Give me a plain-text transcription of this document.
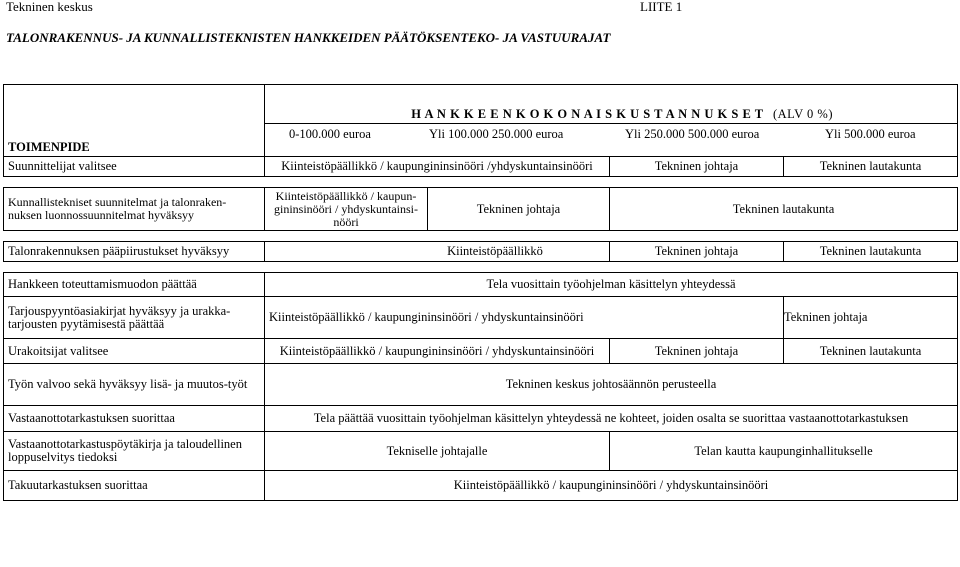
Tekninen keskus	LIITE 1
TALONRAKENNUS- JA KUNNALLISTEKNISTEN HANKKEIDEN PÄÄTÖKSENTEKO- JA VASTUURAJAT
TOIMENPIDE	H A N K K E E N K O K O N A I S K U S T A N N U K S E T (ALV 0 %)			

	0-100.000 euroa Yli 100.000 250.000 euroa Yli 250.000 500.000 euroa Yli 500.000 euroa			

Suunnittelijat valitsee	Kiinteistöpäällikkö / kaupungininsinööri /yhdyskuntainsinööri		Tekninen johtaja	Tekninen lautakunta

Kunnallistekniset suunnitelmat ja talonraken-nuksen luonnossuunnitelmat hyväksyy	Kiinteistöpäällikkö / kaupun-gininsinööri / yhdyskuntainsi-nööri	Tekninen johtaja	Tekninen lautakunta	

Talonrakennuksen pääpiirustukset hyväksyy	Kiinteistöpäällikkö		Tekninen johtaja	Tekninen lautakunta

Hankkeen toteuttamismuodon päättää	Tela vuosittain työohjelman käsittelyn yhteydessä			
Tarjouspyyntöasiakirjat hyväksyy ja urakka-tarjousten pyytämisestä päättää	Kiinteistöpäällikkö / kaupungininsinööri / yhdyskuntainsinööri			Tekninen johtaja
Urakoitsijat valitsee	Kiinteistöpäällikkö / kaupungininsinööri / yhdyskuntainsinööri		Tekninen johtaja	Tekninen lautakunta
Työn valvoo sekä hyväksyy lisä- ja muutos-työt	Tekninen keskus johtosäännön perusteella			
Vastaanottotarkastuksen suorittaa	Tela päättää vuosittain työohjelman käsittelyn yhteydessä ne kohteet, joiden osalta se suorittaa vastaanottotarkastuksen			
Vastaanottotarkastuspöytäkirja ja taloudellinen loppuselvitys tiedoksi	Tekniselle johtajalle		Telan kautta kaupunginhallitukselle	
Takuutarkastuksen suorittaa	Kiinteistöpäällikkö / kaupungininsinööri / yhdyskuntainsinööri			
